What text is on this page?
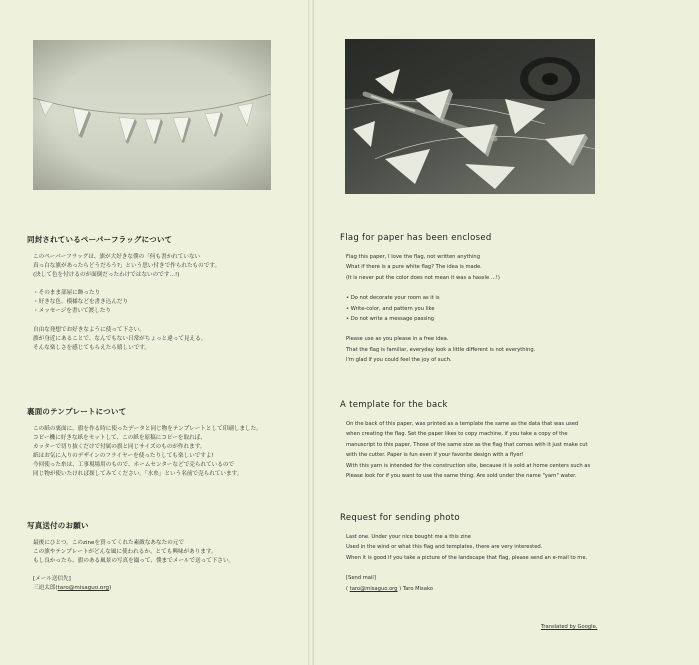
同封されているペーパーフラッグについて

このペーパーフラッグは、旗が大好きな僕の「何も書かれていない

真っ白な旗があったらどうだろう?」という思い付きで作られたものです。

(決して色を付けるのが面倒だったわけではないのです…!)

・そのまま部屋に飾ったり

・好きな色、模様などを書き込んだり

・メッセージを書いて渡したり

自由な発想でお好きなように使って下さい。

旗が身近にあることで、なんでもない日常がちょっと違って見える。

そんな楽しさを感じてもらえたら嬉しいです。

裏面のテンプレートについて

この紙の裏面に、旗を作る時に使ったデータと同じ物をテンプレートとして印刷しました。

コピー機に好きな紙をセットして、この紙を原稿にコピーを取れば、

カッターで切り抜くだけで付属の旗と同じサイズのものが作れます。

紙はお気に入りのデザインのフライヤーを使ったりしても楽しいですよ!

今回使った糸は、工事現場用のもので、ホームセンターなどで売られているので

同じ物が使いたければ探してみてください。「水糸」という名前で売られています。

写真送付のお願い

最後にひとつ。このzineを買ってくれた素敵なあなたの元で

この旗やテンプレートがどんな風に使われるか、とても興味があります。

もし良かったら、旗のある風景の写真を撮って、僕までメールで送って下さい。

[メール送信先]

三迫太郎(taro@misaguo.org)

Flag for paper has been enclosed

Flag this paper, I love the flag, not written anything

What if there is a pure white flag? The idea is made.

(It is never put the color does not mean it was a hassle ...!)

• Do not decorate your room as it is

• Write-color, and pattern you like

• Do not write a message passing

Please use as you please in a free idea.

That the flag is familiar, everyday look a little different is not everything.

I'm glad if you could feel the joy of such.

A template for the back

On the back of this paper, was printed as a template the same as the data that was used

when creating the flag. Set the paper likes to copy machine, if you take a copy of the

manuscript to this paper, Those of the same size as the flag that comes with it just make cut

with the cutter. Paper is fun even if your favorite design with a flyer!

With this yarn is intended for the construction site, because it is sold at home centers such as

Please look for if you want to use the same thing. Are sold under the name "yarn" water.

Request for sending photo

Last one. Under your nice bought me a this zine

Used in the wind or what this flag and templates, there are very interested.

When it is good if you take a picture of the landscape that flag, please send an e-mail to me.

[Send mail]

( taro@misaguo.org ) Taro Misako

Translated by Google.
